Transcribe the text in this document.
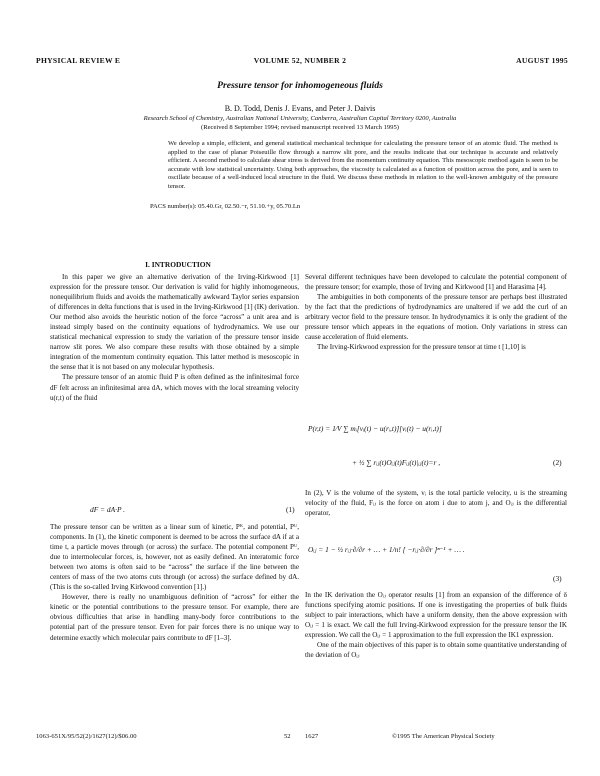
PHYSICAL REVIEW E	VOLUME 52, NUMBER 2	AUGUST 1995
Pressure tensor for inhomogeneous fluids
B. D. Todd, Denis J. Evans, and Peter J. Daivis
Research School of Chemistry, Australian National University, Canberra, Australian Capital Territory 0200, Australia
(Received 8 September 1994; revised manuscript received 13 March 1995)

We develop a simple, efficient, and general statistical mechanical technique for calculating the pressure tensor of an atomic fluid. The method is applied to the case of planar Poiseuille flow through a narrow slit pore, and the results indicate that our technique is accurate and relatively efficient. A second method to calculate shear stress is derived from the momentum continuity equation. This mesoscopic method again is seen to be accurate with low statistical uncertainty. Using both approaches, the viscosity is calculated as a function of position across the pore, and is seen to oscillate because of a well-induced local structure in the fluid. We discuss these methods in relation to the well-known ambiguity of the pressure tensor.

PACS number(s): 05.40.Gr, 02.50.−r, 51.10.+y, 05.70.Ln

I. INTRODUCTION

In this paper we give an alternative derivation of the Irving-Kirkwood [1] expression for the pressure tensor. Our derivation is valid for highly inhomogeneous, nonequilibrium fluids and avoids the mathematically awkward Taylor series expansion of differences in delta functions that is used in the Irving-Kirkwood [1] (IK) derivation. Our method also avoids the heuristic notion of the force “across” a unit area and is instead simply based on the continuity equations of hydrodynamics. We use our statistical mechanical expression to study the variation of the pressure tensor inside narrow slit pores. We also compare these results with those obtained by a simple integration of the momentum continuity equation. This latter method is mesoscopic in the sense that it is not based on any molecular hypothesis.

The pressure tensor of an atomic fluid P is often defined as the infinitesimal force dF felt across an infinitesimal area dA, which moves with the local streaming velocity u(r,t) of the fluid

dF = dA·P .	(1)

The pressure tensor can be written as a linear sum of kinetic, Pᴷ, and potential, Pᵁ, components. In (1), the kinetic component is deemed to be across the surface dA if at a time t, a particle moves through (or across) the surface. The potential component Pᵁ, due to intermolecular forces, is, however, not as easily defined. An interatomic force between two atoms is often said to be “across” the surface if the line between the centers of mass of the two atoms cuts through (or across) the surface defined by dA. (This is the so-called Irving Kirkwood convention [1].)

However, there is really no unambiguous definition of “across” for either the kinetic or the potential contributions to the pressure tensor. For example, there are obvious difficulties that arise in handling many-body force contributions to the potential part of the pressure tensor. Even for pair forces there is no unique way to determine exactly which molecular pairs contribute to dF [1–3].

Several different techniques have been developed to calculate the potential component of the pressure tensor; for example, those of Irving and Kirkwood [1] and Harasima [4].

The ambiguities in both components of the pressure tensor are perhaps best illustrated by the fact that the predictions of hydrodynamics are unaltered if we add the curl of an arbitrary vector field to the pressure tensor. In hydrodynamics it is only the gradient of the pressure tensor which appears in the equations of motion. Only variations in stress can cause acceleration of fluid elements.

The Irving-Kirkwood expression for the pressure tensor at time t [1,10] is

P(r,t) = 1⁄V ∑ mᵢ[vᵢ(t) − u(rᵢ,t)][vᵢ(t) − u(rᵢ,t)]
+ ½ ∑ rᵢⱼ(t)Oᵢⱼ(t)Fᵢⱼ(t)|ᵢⱼ(t)=r ,	(2)

In (2), V is the volume of the system, vᵢ is the total particle velocity, u is the streaming velocity of the fluid, Fᵢⱼ is the force on atom i due to atom j, and Oᵢⱼ is the differential operator,

Oᵢⱼ = 1 − ½ rᵢⱼ·∂/∂r + … + 1/n! [ −rᵢⱼ·∂/∂r ]ⁿ⁻¹ + … .
(3)

In the IK derivation the Oᵢⱼ operator results [1] from an expansion of the difference of δ functions specifying atomic positions. If one is investigating the properties of bulk fluids subject to pair interactions, which have a uniform density, then the above expression with Oᵢⱼ = 1 is exact. We call the full Irving-Kirkwood expression for the pressure tensor the IK expression. We call the Oᵢⱼ = 1 approximation to the full expression the IK1 expression.

One of the main objectives of this paper is to obtain some quantitative understanding of the deviation of Oᵢⱼ

1063-651X/95/52(2)/1627(12)/$06.00	52 1627	©1995 The American Physical Society
